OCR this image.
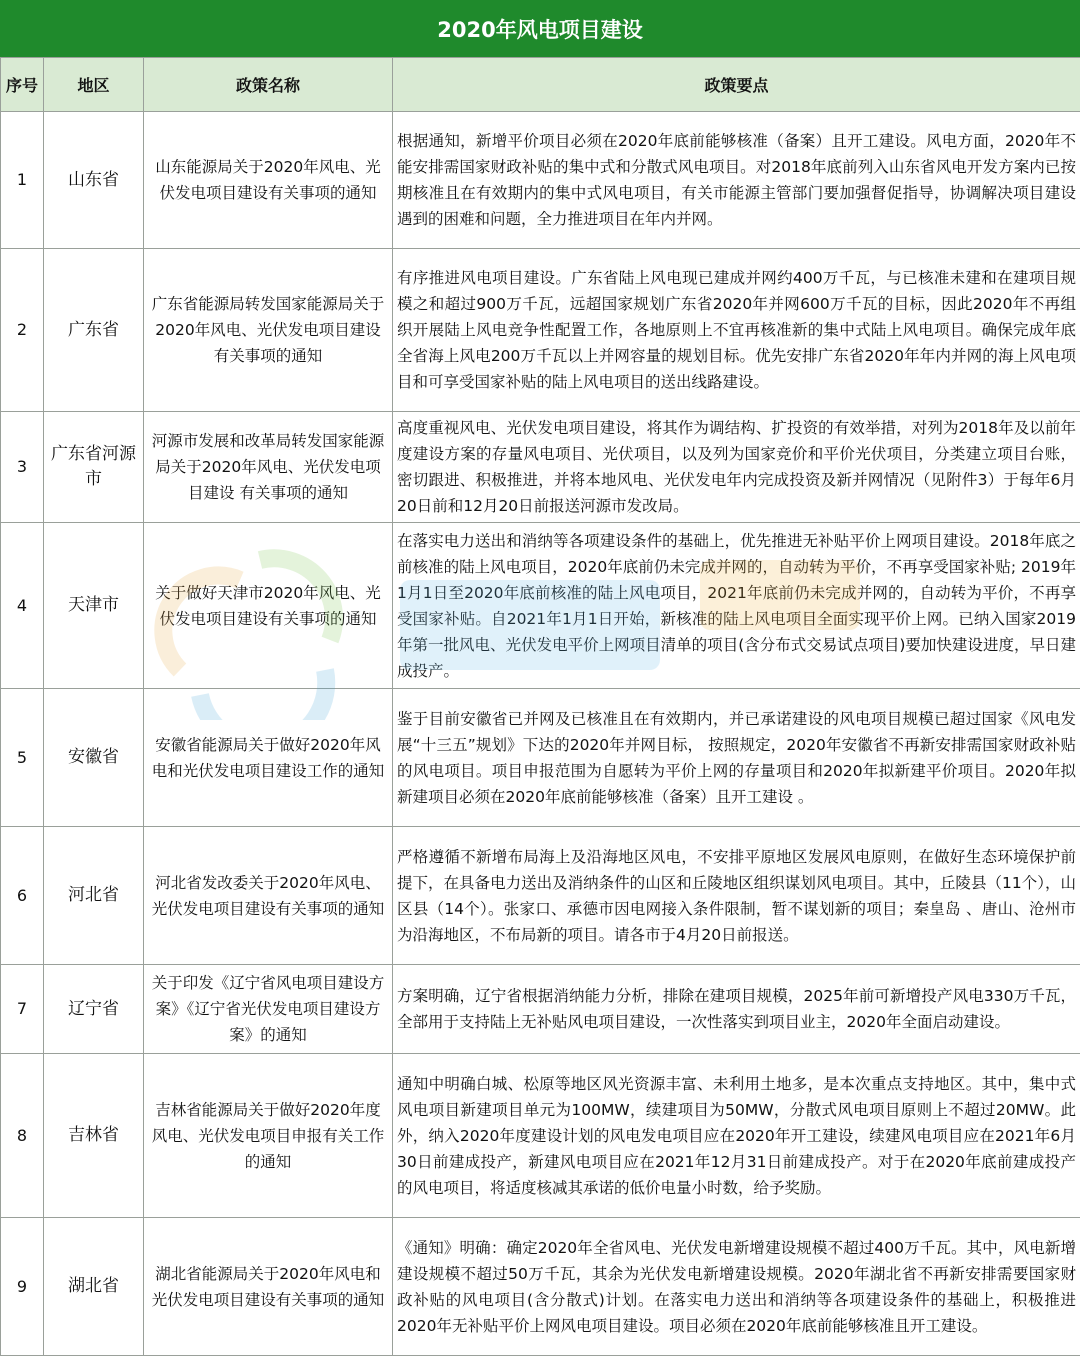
2020年风电项目建设
序号	地区	政策名称	政策要点
1	山东省	山东能源局关于2020年风电、光伏发电项目建设有关事项的通知	根据通知，新增平价项目必须在2020年底前能够核准（备案）且开工建设。风电方面，2020年不能安排需国家财政补贴的集中式和分散式风电项目。对2018年底前列入山东省风电开发方案内已按期核准且在有效期内的集中式风电项目，有关市能源主管部门要加强督促指导，协调解决项目建设遇到的困难和问题，全力推进项目在年内并网。
2	广东省	广东省能源局转发国家能源局关于2020年风电、光伏发电项目建设有关事项的通知	有序推进风电项目建设。广东省陆上风电现已建成并网约400万千瓦，与已核准未建和在建项目规模之和超过900万千瓦，远超国家规划广东省2020年并网600万千瓦的目标，因此2020年不再组织开展陆上风电竞争性配置工作，各地原则上不宜再核准新的集中式陆上风电项目。确保完成年底全省海上风电200万千瓦以上并网容量的规划目标。优先安排广东省2020年年内并网的海上风电项目和可享受国家补贴的陆上风电项目的送出线路建设。
3	广东省河源市	河源市发展和改革局转发国家能源局关于2020年风电、光伏发电项目建设 有关事项的通知	高度重视风电、光伏发电项目建设，将其作为调结构、扩投资的有效举措，对列为2018年及以前年度建设方案的存量风电项目、光伏项目，以及列为国家竞价和平价光伏项目，分类建立项目台账，密切跟进、积极推进，并将本地风电、光伏发电年内完成投资及新并网情况（见附件3）于每年6月20日前和12月20日前报送河源市发改局。
4	天津市	关于做好天津市2020年风电、光伏发电项目建设有关事项的通知	在落实电力送出和消纳等各项建设条件的基础上，优先推进无补贴平价上网项目建设。2018年底之前核准的陆上风电项目，2020年底前仍未完成并网的，自动转为平价，不再享受国家补贴; 2019年1月1日至2020年底前核准的陆上风电项目，2021年底前仍未完成并网的，自动转为平价，不再享受国家补贴。自2021年1月1日开始，新核准的陆上风电项目全面实现平价上网。已纳入国家2019年第一批风电、光伏发电平价上网项目清单的项目(含分布式交易试点项目)要加快建设进度，早日建成投产。
5	安徽省	安徽省能源局关于做好2020年风电和光伏发电项目建设工作的通知	鉴于目前安徽省已并网及已核准且在有效期内，并已承诺建设的风电项目规模已超过国家《风电发展“十三五”规划》下达的2020年并网目标， 按照规定，2020年安徽省不再新安排需国家财政补贴的风电项目。项目申报范围为自愿转为平价上网的存量项目和2020年拟新建平价项目。2020年拟新建项目必须在2020年底前能够核准（备案）且开工建设 。
6	河北省	河北省发改委关于2020年风电、光伏发电项目建设有关事项的通知	严格遵循不新增布局海上及沿海地区风电，不安排平原地区发展风电原则，在做好生态环境保护前提下，在具备电力送出及消纳条件的山区和丘陵地区组织谋划风电项目。其中，丘陵县（11个），山区县（14个）。张家口、承德市因电网接入条件限制，暂不谋划新的项目；秦皇岛 、唐山、沧州市为沿海地区，不布局新的项目。请各市于4月20日前报送。
7	辽宁省	关于印发《辽宁省风电项目建设方案》《辽宁省光伏发电项目建设方案》的通知	方案明确，辽宁省根据消纳能力分析，排除在建项目规模，2025年前可新增投产风电330万千瓦，全部用于支持陆上无补贴风电项目建设，一次性落实到项目业主，2020年全面启动建设。
8	吉林省	吉林省能源局关于做好2020年度风电、光伏发电项目申报有关工作的通知	通知中明确白城、松原等地区风光资源丰富、未利用土地多，是本次重点支持地区。其中，集中式风电项目新建项目单元为100MW，续建项目为50MW，分散式风电项目原则上不超过20MW。此外，纳入2020年度建设计划的风电发电项目应在2020年开工建设，续建风电项目应在2021年6月30日前建成投产，新建风电项目应在2021年12月31日前建成投产。对于在2020年底前建成投产的风电项目，将适度核减其承诺的低价电量小时数，给予奖励。
9	湖北省	湖北省能源局关于2020年风电和光伏发电项目建设有关事项的通知	《通知》明确：确定2020年全省风电、光伏发电新增建设规模不超过400万千瓦。其中，风电新增建设规模不超过50万千瓦，其余为光伏发电新增建设规模。2020年湖北省不再新安排需要国家财政补贴的风电项目(含分散式)计划。在落实电力送出和消纳等各项建设条件的基础上，积极推进2020年无补贴平价上网风电项目建设。项目必须在2020年底前能够核准且开工建设。
